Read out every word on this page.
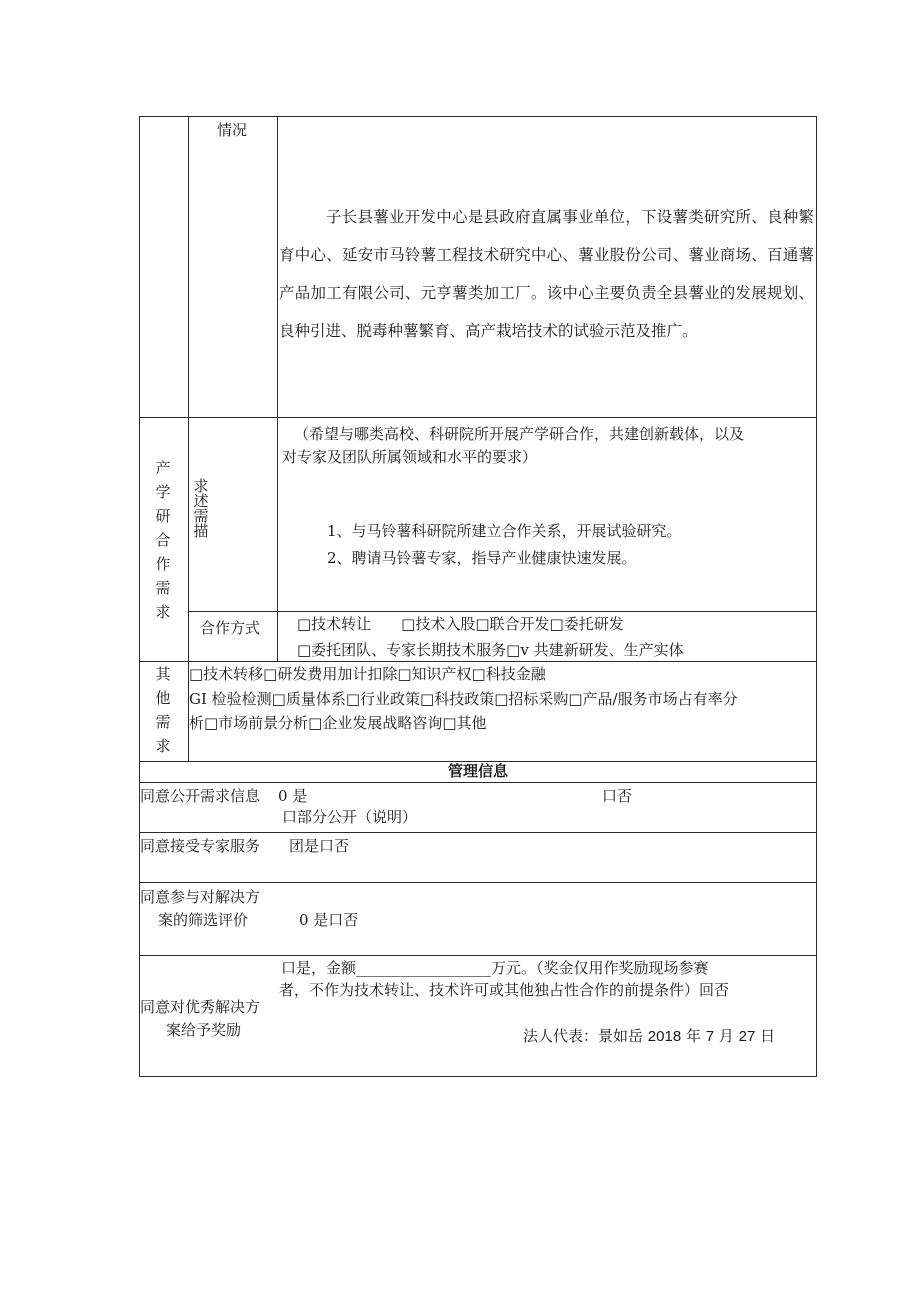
情况
子长县薯业开发中心是县政府直属事业单位，下设薯类研究所、良种繁育中心、延安市马铃薯工程技术研究中心、薯业股份公司、薯业商场、百通薯产品加工有限公司、元亨薯类加工厂。该中心主要负责全县薯业的发展规划、良种引进、脱毒种薯繁育、高产栽培技术的试验示范及推广。
产
学
研
合
作
需
求
求
述
需
描
（希望与哪类高校、科研院所开展产学研合作，共建创新载体，以及
对专家及团队所属领域和水平的要求）
1、与马铃薯科研院所建立合作关系，开展试验研究。
2、聘请马铃薯专家，指导产业健康快速发展。
合作方式 □技术转让　　□技术入股□联合开发□委托研发
□委托团队、专家长期技术服务□v 共建新研发、生产实体
其
他
需
求
□技术转移□研发费用加计扣除□知识产权□科技金融
GI 检验检测□质量体系□行业政策□科技政策□招标采购□产品/服务市场占有率分
析□市场前景分析□企业发展战略咨询□其他
管理信息
同意公开需求信息 0 是	口否
口部分公开（说明）
同意接受专家服务 团是口否
同意参与对解决方
案的筛选评价	0 是口否
同意对优秀解决方
案给予奖励
口是，金额__________________万元。（奖金仅用作奖励现场参赛
者，不作为技术转让、技术许可或其他独占性合作的前提条件）回否
法人代表：景如岳 2018 年 7 月 27 日
